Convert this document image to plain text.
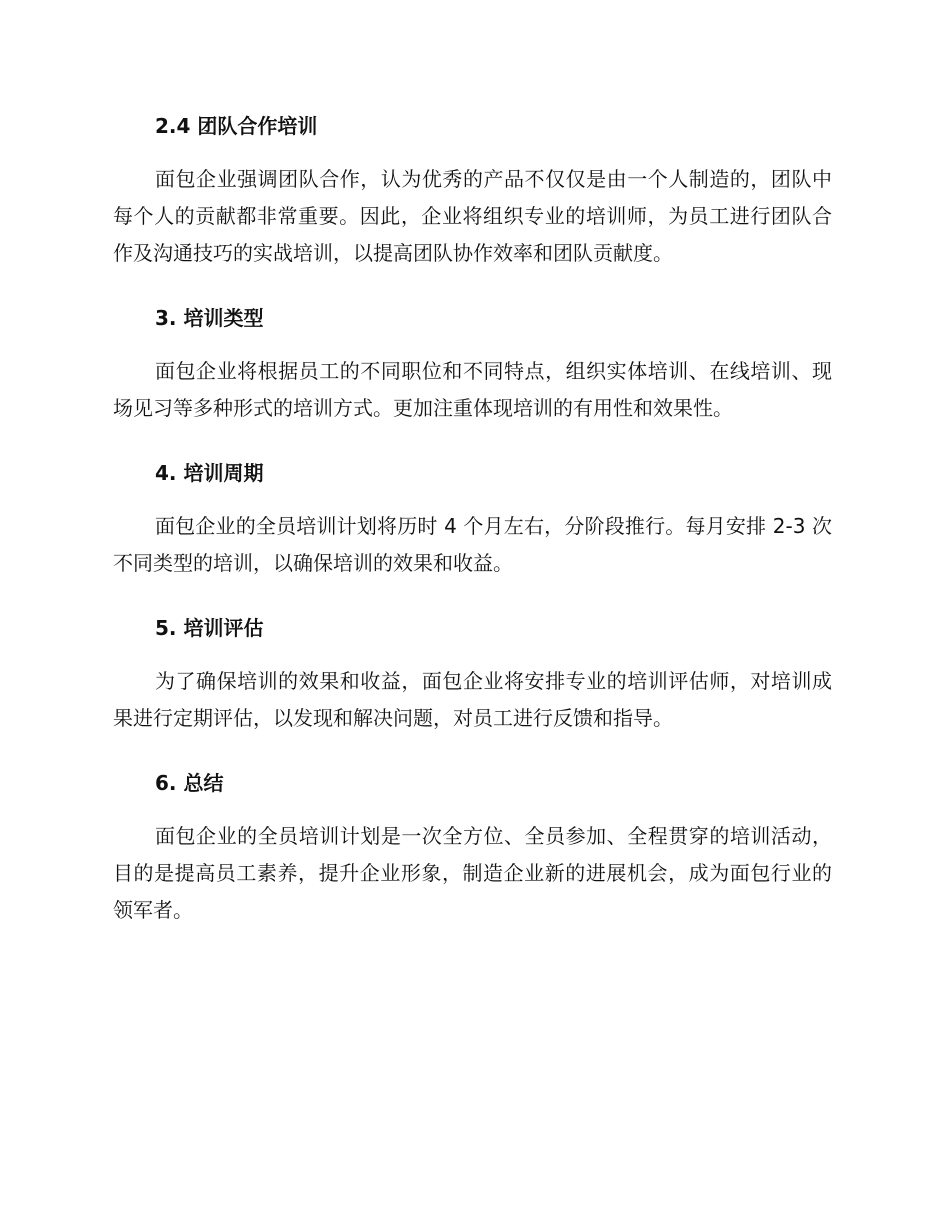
2.4 团队合作培训

面包企业强调团队合作，认为优秀的产品不仅仅是由一个人制造的，团队中每个人的贡献都非常重要。因此，企业将组织专业的培训师，为员工进行团队合作及沟通技巧的实战培训，以提高团队协作效率和团队贡献度。

3. 培训类型

面包企业将根据员工的不同职位和不同特点，组织实体培训、在线培训、现场见习等多种形式的培训方式。更加注重体现培训的有用性和效果性。

4. 培训周期

面包企业的全员培训计划将历时 4 个月左右，分阶段推行。每月安排 2-3 次不同类型的培训，以确保培训的效果和收益。

5. 培训评估

为了确保培训的效果和收益，面包企业将安排专业的培训评估师，对培训成果进行定期评估，以发现和解决问题，对员工进行反馈和指导。

6. 总结

面包企业的全员培训计划是一次全方位、全员参加、全程贯穿的培训活动，目的是提高员工素养，提升企业形象，制造企业新的进展机会，成为面包行业的领军者。
